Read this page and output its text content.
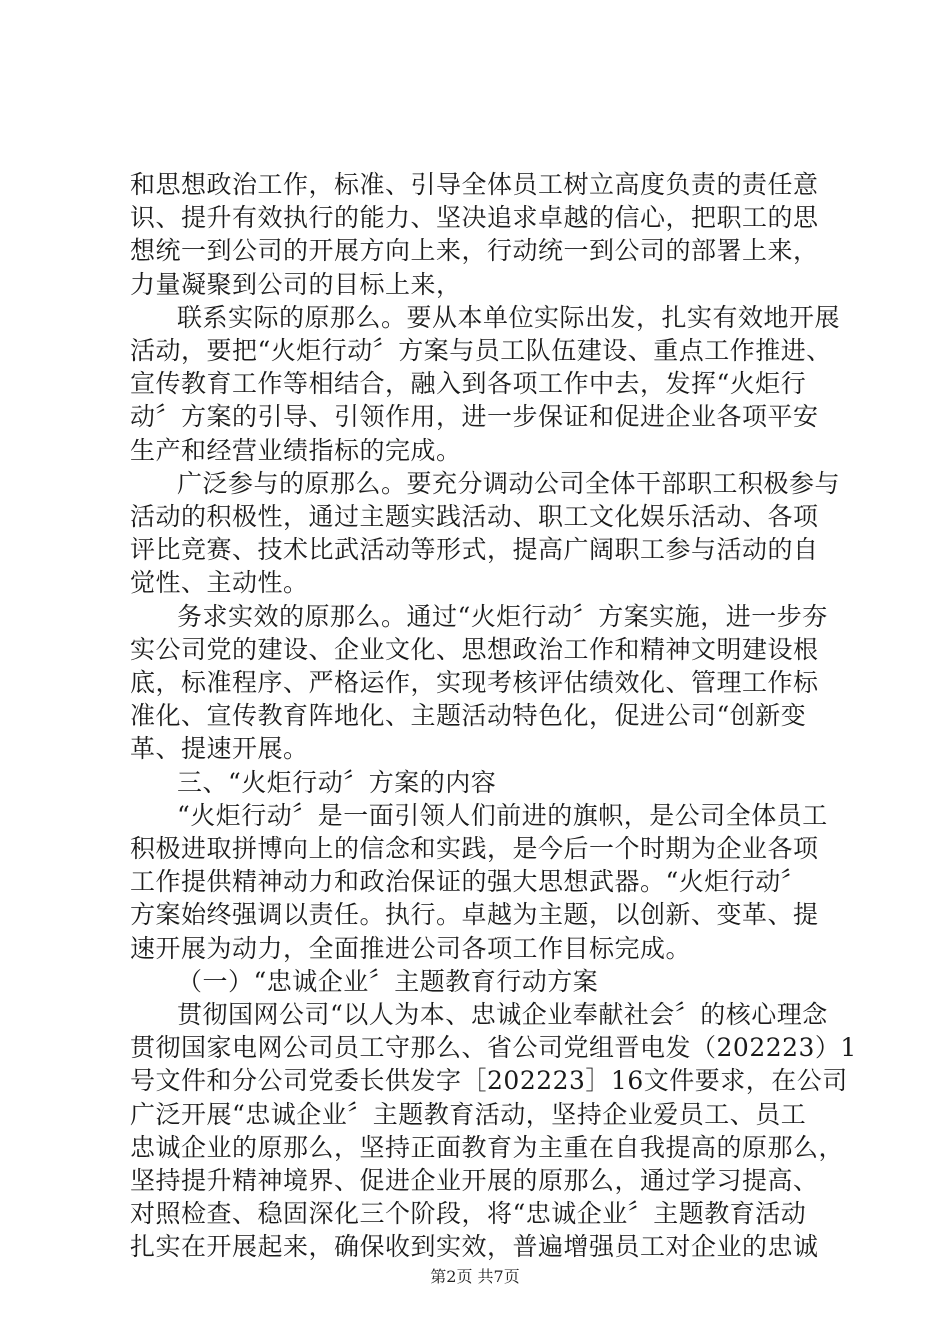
和思想政治工作，标准、引导全体员工树立高度负责的责任意
识、提升有效执行的能力、坚决追求卓越的信心，把职工的思
想统一到公司的开展方向上来，行动统一到公司的部署上来，
力量凝聚到公司的目标上来，
联系实际的原那么。要从本单位实际出发，扎实有效地开展
活动，要把“火炬行动〞方案与员工队伍建设、重点工作推进、
宣传教育工作等相结合，融入到各项工作中去，发挥“火炬行
动〞方案的引导、引领作用，进一步保证和促进企业各项平安
生产和经营业绩指标的完成。
广泛参与的原那么。要充分调动公司全体干部职工积极参与
活动的积极性，通过主题实践活动、职工文化娱乐活动、各项
评比竞赛、技术比武活动等形式，提高广阔职工参与活动的自
觉性、主动性。
务求实效的原那么。通过“火炬行动〞方案实施，进一步夯
实公司党的建设、企业文化、思想政治工作和精神文明建设根
底，标准程序、严格运作，实现考核评估绩效化、管理工作标
准化、宣传教育阵地化、主题活动特色化，促进公司“创新变
革、提速开展。
三、“火炬行动〞方案的内容
“火炬行动〞是一面引领人们前进的旗帜，是公司全体员工
积极进取拼博向上的信念和实践，是今后一个时期为企业各项
工作提供精神动力和政治保证的强大思想武器。“火炬行动〞
方案始终强调以责任。执行。卓越为主题，以创新、变革、提
速开展为动力，全面推进公司各项工作目标完成。
（一）“忠诚企业〞主题教育行动方案
贯彻国网公司“以人为本、忠诚企业奉献社会〞的核心理念
贯彻国家电网公司员工守那么、省公司党组晋电发（202223）1
号文件和分公司党委长供发字［202223］16文件要求，在公司
广泛开展“忠诚企业〞主题教育活动，坚持企业爱员工、员工
忠诚企业的原那么，坚持正面教育为主重在自我提高的原那么，
坚持提升精神境界、促进企业开展的原那么，通过学习提高、
对照检查、稳固深化三个阶段，将“忠诚企业〞主题教育活动
扎实在开展起来，确保收到实效，普遍增强员工对企业的忠诚
第2页 共7页
